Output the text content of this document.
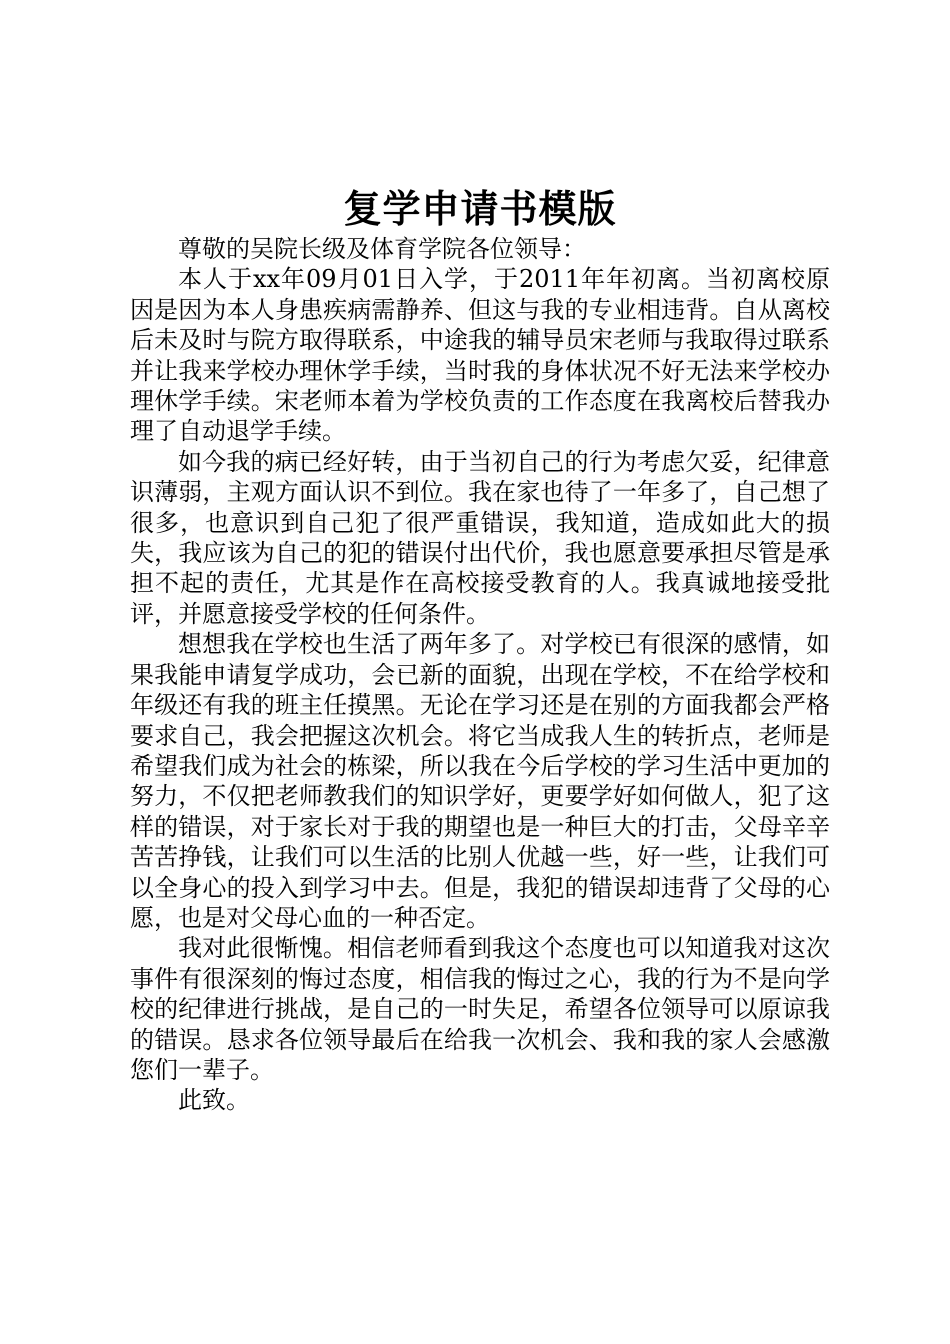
复学申请书模版

尊敬的吴院长级及体育学院各位领导：

本人于xx年09月01日入学，于2011年年初离。当初离校原因是因为本人身患疾病需静养、但这与我的专业相违背。自从离校后未及时与院方取得联系，中途我的辅导员宋老师与我取得过联系并让我来学校办理休学手续，当时我的身体状况不好无法来学校办理休学手续。宋老师本着为学校负责的工作态度在我离校后替我办理了自动退学手续。

如今我的病已经好转，由于当初自己的行为考虑欠妥，纪律意识薄弱，主观方面认识不到位。我在家也待了一年多了，自己想了很多，也意识到自己犯了很严重错误，我知道，造成如此大的损失，我应该为自己的犯的错误付出代价，我也愿意要承担尽管是承担不起的责任，尤其是作在高校接受教育的人。我真诚地接受批评，并愿意接受学校的任何条件。

想想我在学校也生活了两年多了。对学校已有很深的感情，如果我能申请复学成功，会已新的面貌，出现在学校，不在给学校和年级还有我的班主任摸黑。无论在学习还是在别的方面我都会严格要求自己，我会把握这次机会。将它当成我人生的转折点，老师是希望我们成为社会的栋梁，所以我在今后学校的学习生活中更加的努力，不仅把老师教我们的知识学好，更要学好如何做人，犯了这样的错误，对于家长对于我的期望也是一种巨大的打击，父母辛辛苦苦挣钱，让我们可以生活的比别人优越一些，好一些，让我们可以全身心的投入到学习中去。但是，我犯的错误却违背了父母的心愿，也是对父母心血的一种否定。

我对此很惭愧。相信老师看到我这个态度也可以知道我对这次事件有很深刻的悔过态度，相信我的悔过之心，我的行为不是向学校的纪律进行挑战，是自己的一时失足，希望各位领导可以原谅我的错误。恳求各位领导最后在给我一次机会、我和我的家人会感激您们一辈子。

此致。
